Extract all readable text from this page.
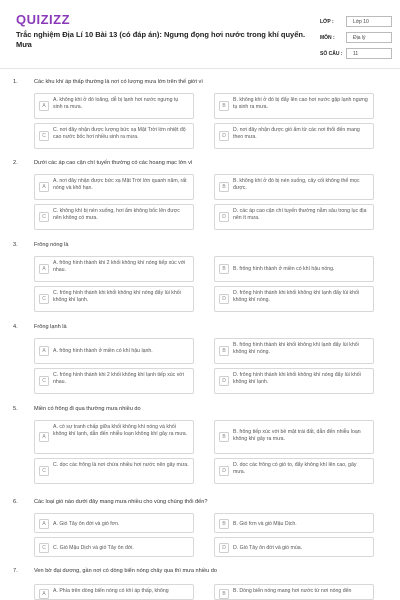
QUIZIZZ
Trắc nghiệm Địa Lí 10 Bài 13 (có đáp án): Ngưng đọng hơi nước trong khí quyển. Mưa
LỚP :	Lớp 10
MÔN :	Địa lý
SỐ CÂU :	11
1.	Các khu khí áp thấp thường là nơi có lượng mưa lớn trên thế giới vì
A
A. không khí ở đó loãng, dễ bị lạnh hơi nước ngưng tụ sinh ra mưa.	B
B. không khí ở đó bị đẩy lên cao hơi nước gặp lạnh ngưng tụ sinh ra mưa.
C
C. nơi đây nhận được lượng bức xạ Mặt Trời lớn nhiệt độ cao nước bốc hơi nhiều sinh ra mưa.	D
D. nơi đây nhận được gió ẩm từ các nơi thổi đến mang theo mưa.
2.	Dưới các áp cao cận chí tuyến thường có các hoang mạc lớn vì
A
A. nơi đây nhận được bức xạ Mặt Trời lớn quanh năm, rất nóng và khô hạn.	B
B. không khí ở đó bị nén xuống, cây cối không thể mọc được.
C
C. không khí bị nén xuống, hơi ẩm không bốc lên được nên không có mưa.	D
D. các áp cao cận chí tuyến thường nằm sâu trong lục địa nên ít mưa.
3.	Frông nóng là
A
A. frông hình thành khi 2 khối không khí nóng tiếp xúc với nhau.	B	B. frông hình thành ở miền có khí hậu nóng.
C
C. frông hình thành khi khối không khí nóng đẩy lùi khối không khí lạnh.	D
D. frông hình thành khi khối không khí lạnh đẩy lùi khối không khí nóng.
4.	Frông lạnh là
A	A. frông hình thành ở miền có khí hậu lạnh.	B
B. frông hình thành khi khối không khí lạnh đẩy lùi khối không khí nóng.
C
C. frông hình thành khi 2 khối không khí lạnh tiếp xúc với nhau.	D
D. frông hình thành khi khối không khí nóng đẩy lùi khối không khí lạnh.
5.	Miền có frông đi qua thường mưa nhiều do
A
A. có sự tranh chấp giữa khối không khí nóng và khối không khí lạnh, dẫn đến nhiễu loạn không khí gây ra mưa.	B
B. frông tiếp xúc với bề mặt trái đất, dẫn đến nhiễu loạn không khí gây ra mưa.
C
C. dọc các frông là nơi chứa nhiều hơi nước nên gây mưa.
D
D. dọc các frông có gió to, đẩy không khí lên cao, gây mưa.
6.	Các loại gió nào dưới đây mang mưa nhiều cho vùng chúng thổi đến?
A	A. Gió Tây ôn đới và gió fơn.	B	B. Gió fơn và gió Mậu Dịch.
C	C. Gió Mậu Dịch và gió Tây ôn đới.	D	D. Gió Tây ôn đới và gió mùa.
7.	Ven bờ đại dương, gần nơi có dòng biển nóng chảy qua thì mưa nhiều do
A	A. Phía trên dòng biển nóng có khí áp thấp, không	B	B. Dòng biển nóng mang hơi nước từ nơi nóng đến
